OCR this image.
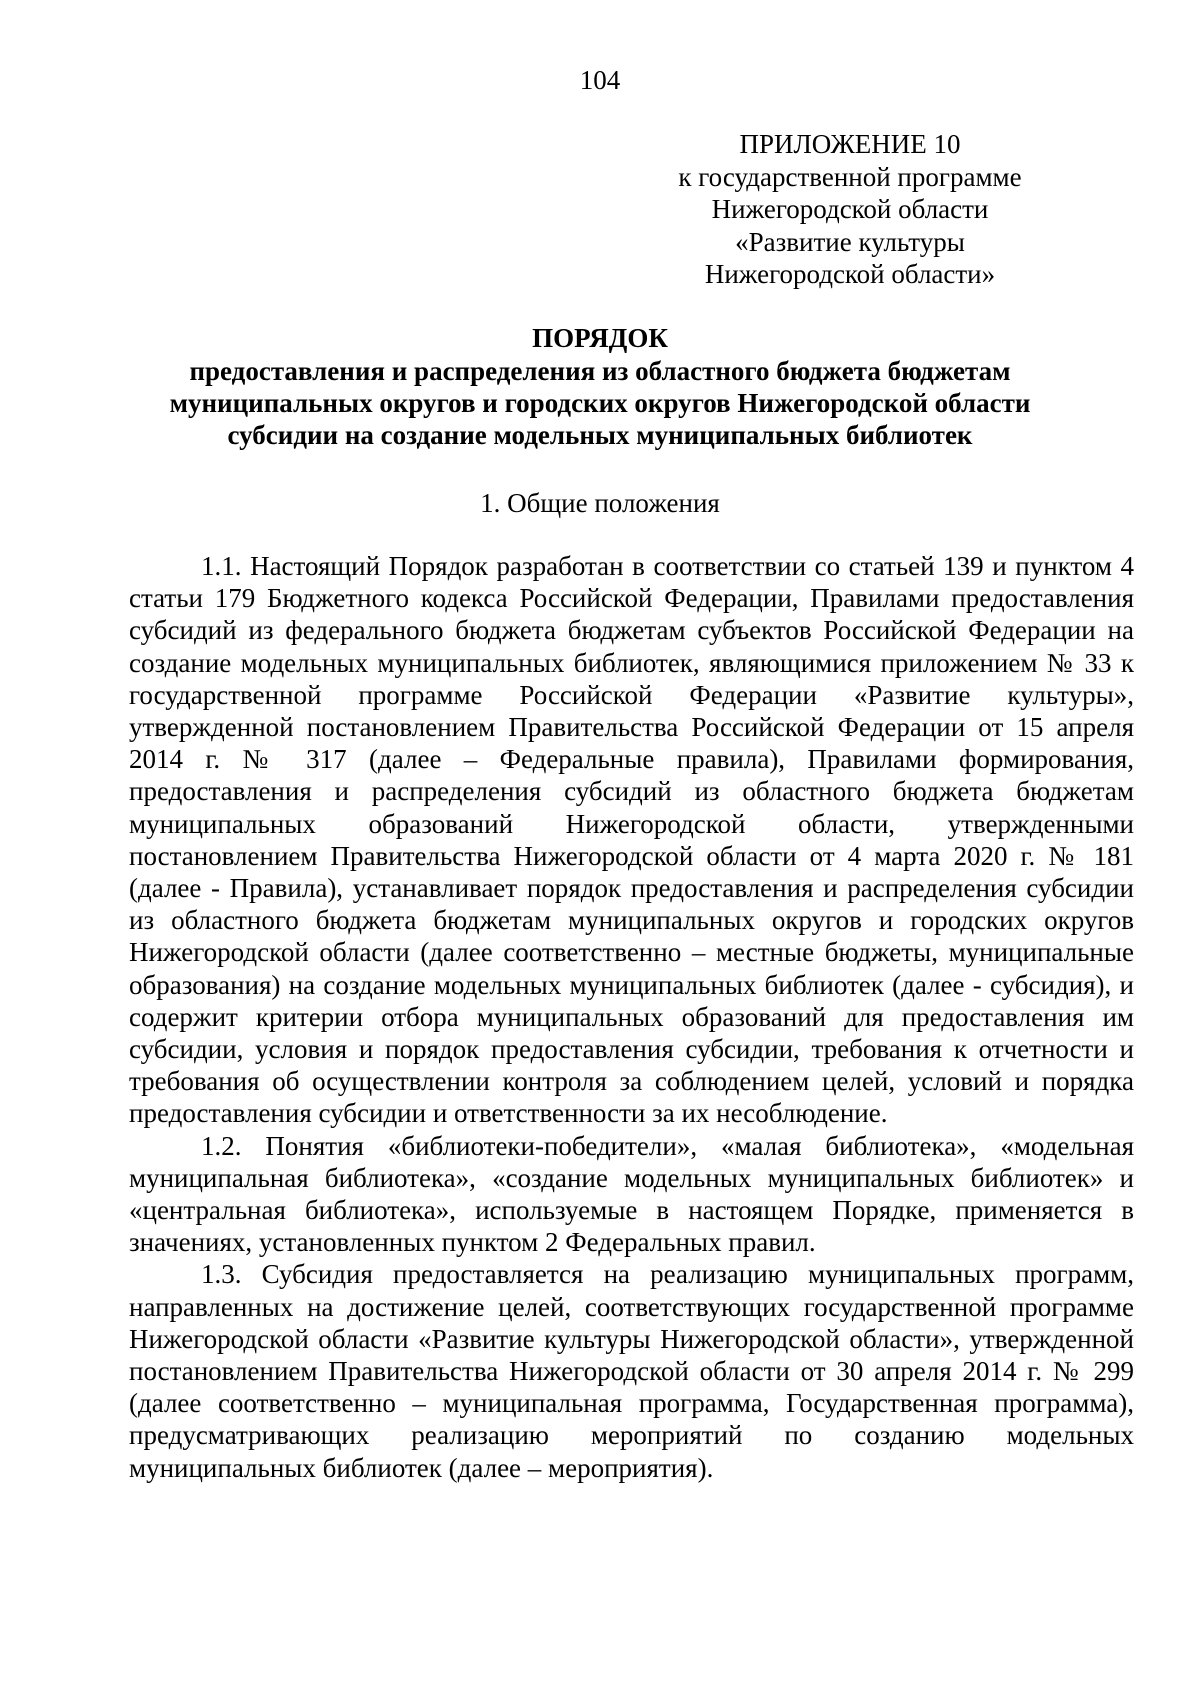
104
ПРИЛОЖЕНИЕ 10
к государственной программе
Нижегородской области
«Развитие культуры
Нижегородской области»
ПОРЯДОК
предоставления и распределения из областного бюджета бюджетам
муниципальных округов и городских округов Нижегородской области
субсидии на создание модельных муниципальных библиотек
1. Общие положения

1.1. Настоящий Порядок разработан в соответствии со статьей 139 и пунктом 4 статьи 179 Бюджетного кодекса Российской Федерации, Правилами предоставления субсидий из федерального бюджета бюджетам субъектов Российской Федерации на создание модельных муниципальных библиотек, являющимися приложением № 33 к государственной программе Российской Федерации «Развитие культуры», утвержденной постановлением Правительства Российской Федерации от 15 апреля 2014 г. № 317 (далее – Федеральные правила), Правилами формирования, предоставления и распределения субсидий из областного бюджета бюджетам муниципальных образований Нижегородской области, утвержденными постановлением Правительства Нижегородской области от 4 марта 2020 г. № 181 (далее - Правила), устанавливает порядок предоставления и распределения субсидии из областного бюджета бюджетам муниципальных округов и городских округов Нижегородской области (далее соответственно – местные бюджеты, муниципальные образования) на создание модельных муниципальных библиотек (далее - субсидия), и содержит критерии отбора муниципальных образований для предоставления им субсидии, условия и порядок предоставления субсидии, требования к отчетности и требования об осуществлении контроля за соблюдением целей, условий и порядка предоставления субсидии и ответственности за их несоблюдение.

1.2. Понятия «библиотеки-победители», «малая библиотека», «модельная муниципальная библиотека», «создание модельных муниципальных библиотек» и «центральная библиотека», используемые в настоящем Порядке, применяется в значениях, установленных пунктом 2 Федеральных правил.

1.3. Субсидия предоставляется на реализацию муниципальных программ, направленных на достижение целей, соответствующих государственной программе Нижегородской области «Развитие культуры Нижегородской области», утвержденной постановлением Правительства Нижегородской области от 30 апреля 2014 г. № 299 (далее соответственно – муниципальная программа, Государственная программа), предусматривающих реализацию мероприятий по созданию модельных муниципальных библиотек (далее – мероприятия).
